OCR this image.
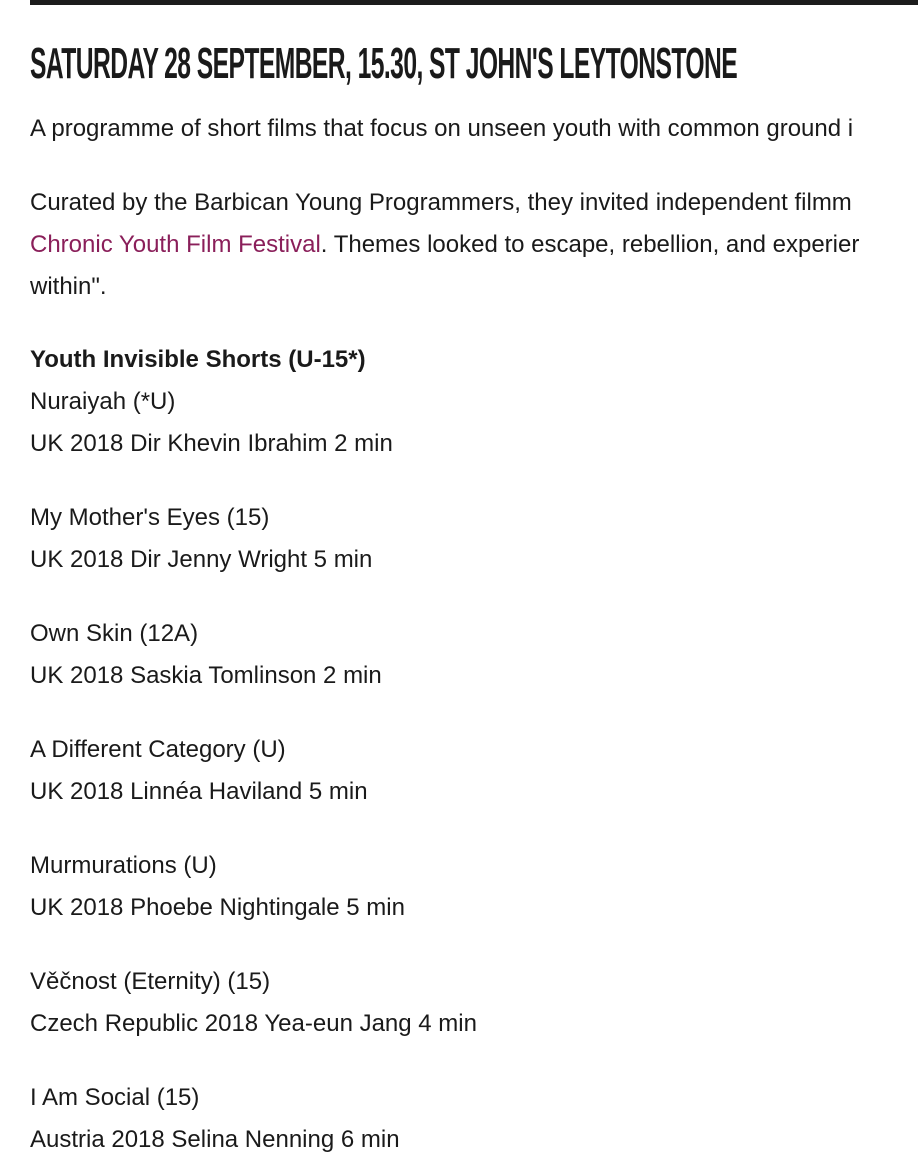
SATURDAY 28 SEPTEMBER, 15.30, ST JOHN'S LEYTONSTONE

A programme of short films that focus on unseen youth with common ground i

Curated by the Barbican Young Programmers, they invited independent filmm
Chronic Youth Film Festival. Themes looked to escape, rebellion, and experier
within".

Youth Invisible Shorts (U-15*)
Nuraiyah (*U)
UK 2018 Dir Khevin Ibrahim 2 min
My Mother's Eyes (15)
UK 2018 Dir Jenny Wright 5 min
Own Skin (12A)
UK 2018 Saskia Tomlinson 2 min
A Different Category (U)
UK 2018 Linnéa Haviland 5 min
Murmurations (U)
UK 2018 Phoebe Nightingale 5 min
Věčnost (Eternity) (15)
Czech Republic 2018 Yea-eun Jang 4 min
I Am Social (15)
Austria 2018 Selina Nenning 6 min
